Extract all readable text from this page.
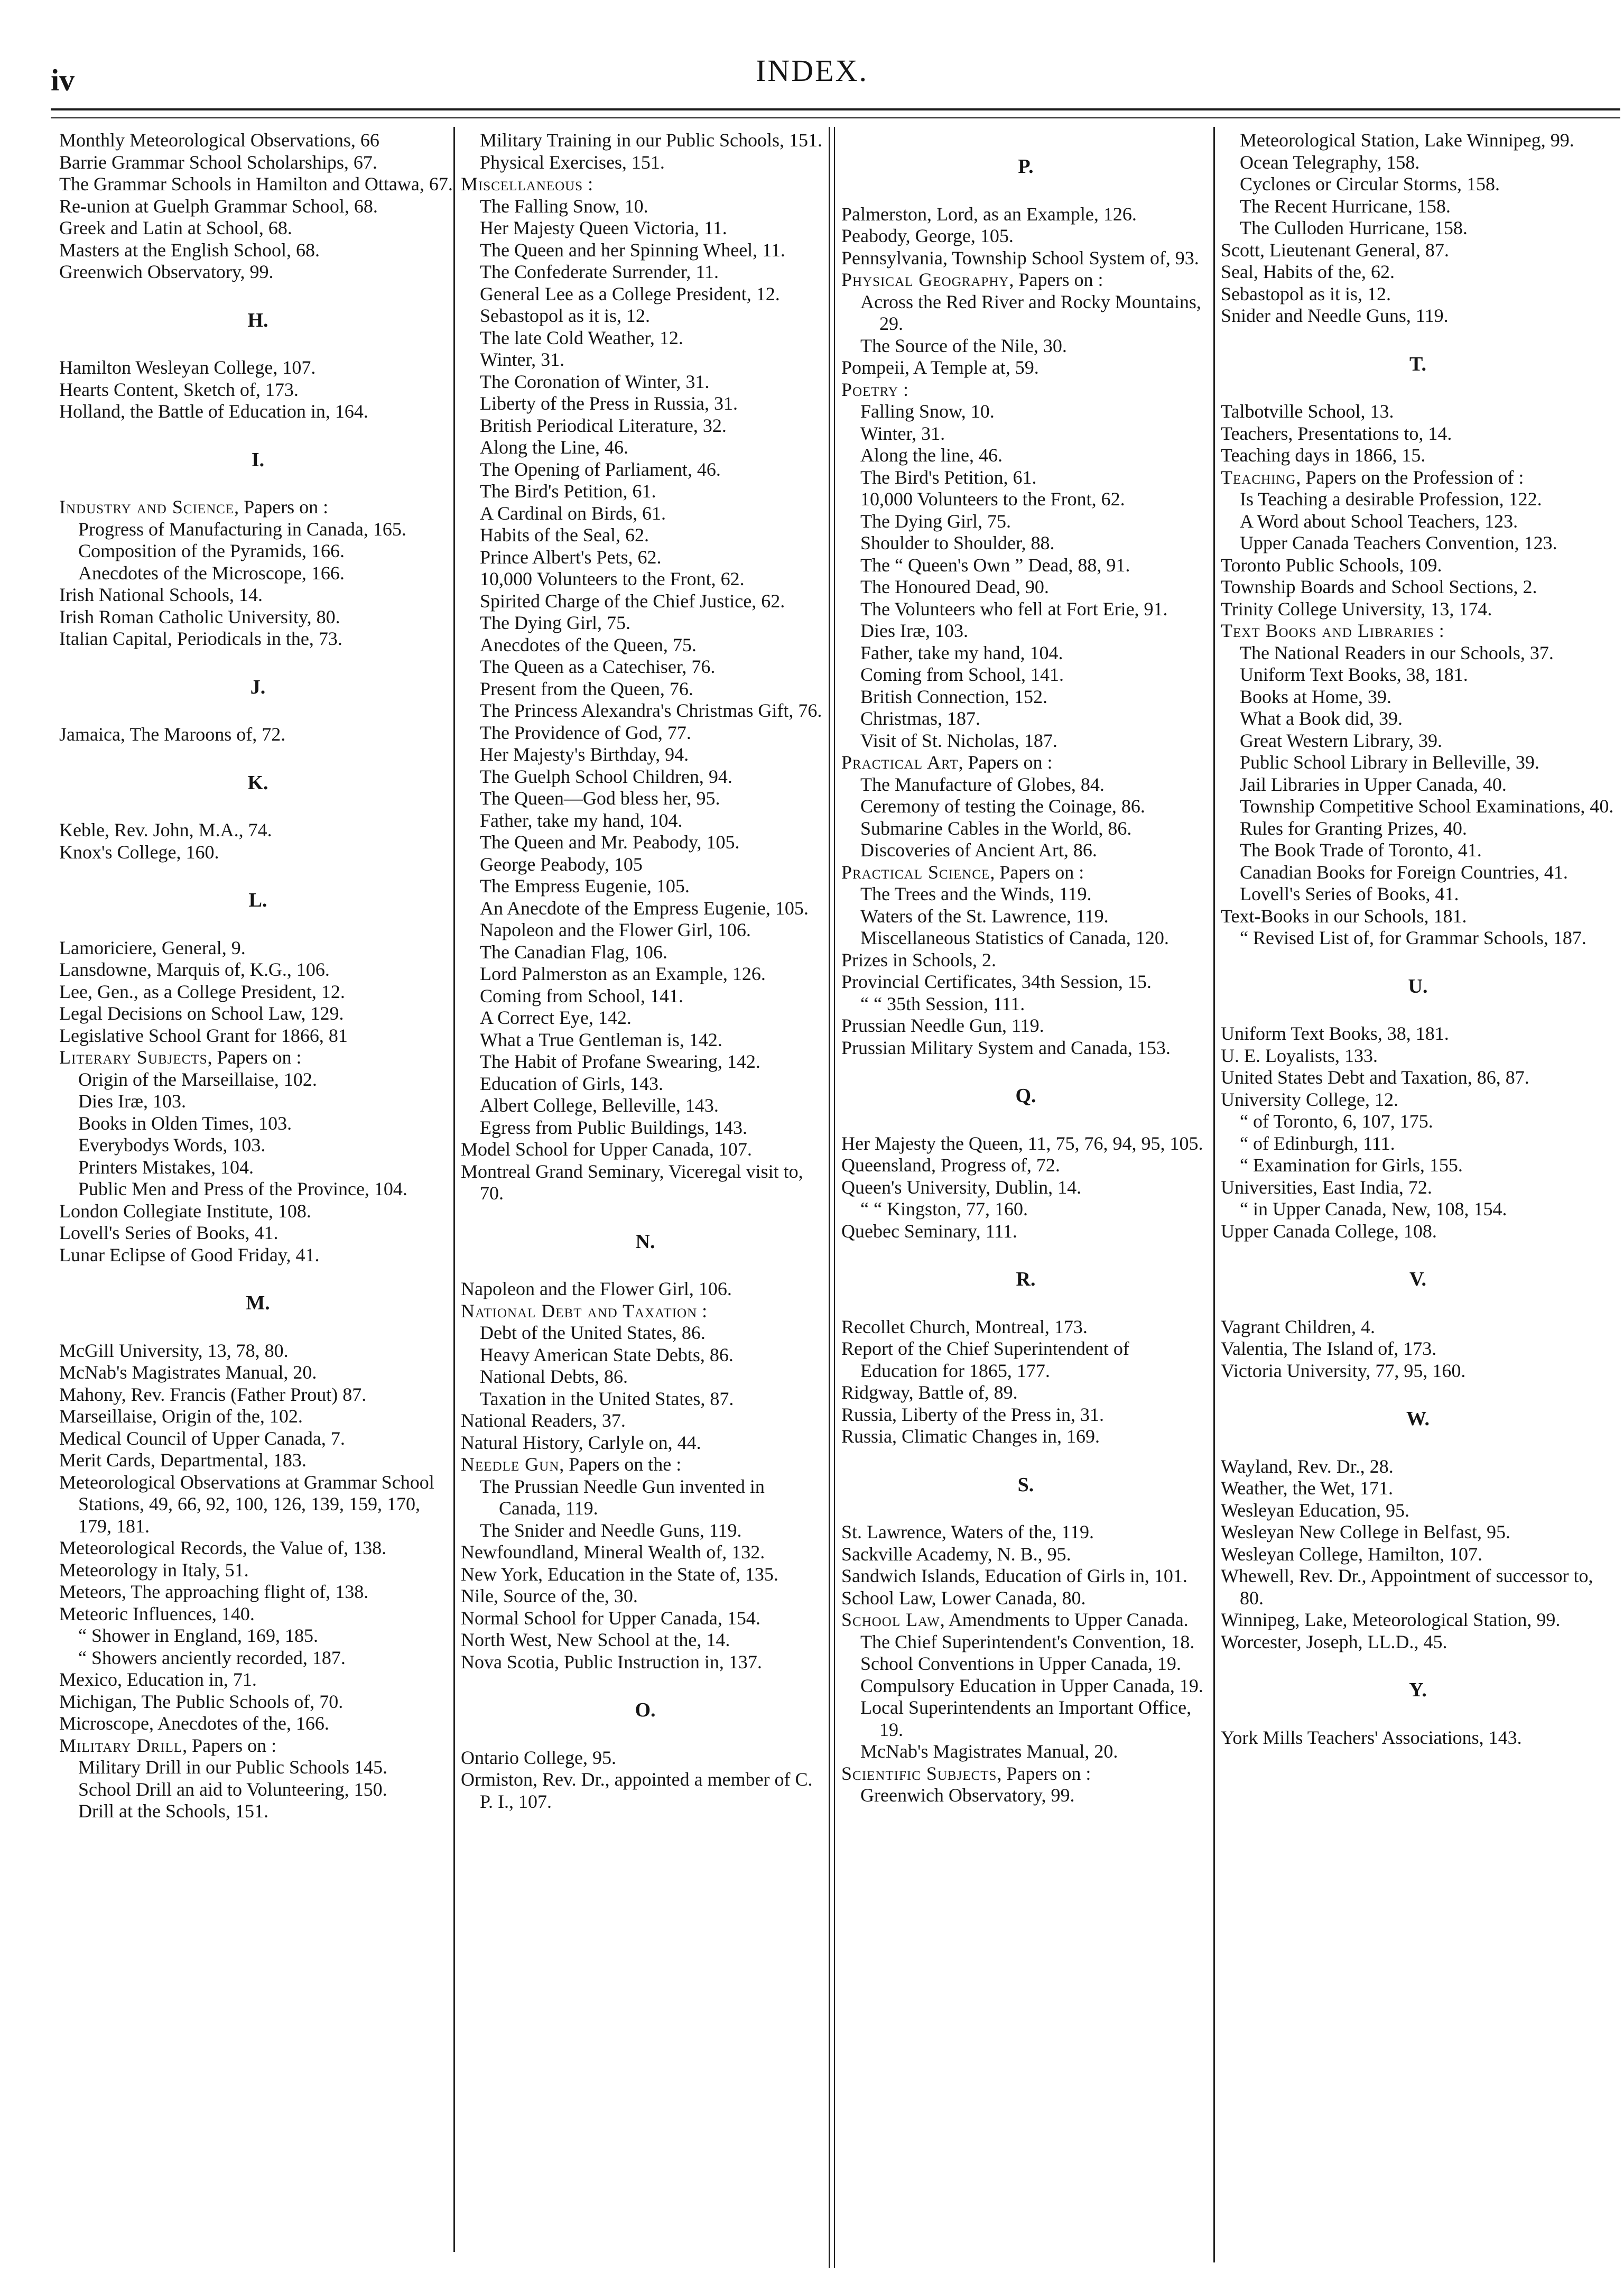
iv	INDEX.

Monthly Meteorological Observations, 66

Barrie Grammar School Scholarships, 67.

The Grammar Schools in Hamilton and Ottawa, 67.

Re-union at Guelph Grammar School, 68.

Greek and Latin at School, 68.

Masters at the English School, 68.

Greenwich Observatory, 99.

H.

Hamilton Wesleyan College, 107.

Hearts Content, Sketch of, 173.

Holland, the Battle of Education in, 164.

I.

Industry and Science, Papers on :

Progress of Manufacturing in Canada, 165.

Composition of the Pyramids, 166.

Anecdotes of the Microscope, 166.

Irish National Schools, 14.

Irish Roman Catholic University, 80.

Italian Capital, Periodicals in the, 73.

J.

Jamaica, The Maroons of, 72.

K.

Keble, Rev. John, M.A., 74.

Knox's College, 160.

L.

Lamoriciere, General, 9.

Lansdowne, Marquis of, K.G., 106.

Lee, Gen., as a College President, 12.

Legal Decisions on School Law, 129.

Legislative School Grant for 1866, 81

Literary Subjects, Papers on :

Origin of the Marseillaise, 102.

Dies Iræ, 103.

Books in Olden Times, 103.

Everybodys Words, 103.

Printers Mistakes, 104.

Public Men and Press of the Province, 104.

London Collegiate Institute, 108.

Lovell's Series of Books, 41.

Lunar Eclipse of Good Friday, 41.

M.

McGill University, 13, 78, 80.

McNab's Magistrates Manual, 20.

Mahony, Rev. Francis (Father Prout) 87.

Marseillaise, Origin of the, 102.

Medical Council of Upper Canada, 7.

Merit Cards, Departmental, 183.

Meteorological Observations at Grammar School Stations, 49, 66, 92, 100, 126, 139, 159, 170, 179, 181.

Meteorological Records, the Value of, 138.

Meteorology in Italy, 51.

Meteors, The approaching flight of, 138.

Meteoric Influences, 140.

“ Shower in England, 169, 185.

“ Showers anciently recorded, 187.

Mexico, Education in, 71.

Michigan, The Public Schools of, 70.

Microscope, Anecdotes of the, 166.

Military Drill, Papers on :

Military Drill in our Public Schools 145.

School Drill an aid to Volunteering, 150.

Drill at the Schools, 151.

Military Training in our Public Schools, 151.

Physical Exercises, 151.

Miscellaneous :

The Falling Snow, 10.

Her Majesty Queen Victoria, 11.

The Queen and her Spinning Wheel, 11.

The Confederate Surrender, 11.

General Lee as a College President, 12.

Sebastopol as it is, 12.

The late Cold Weather, 12.

Winter, 31.

The Coronation of Winter, 31.

Liberty of the Press in Russia, 31.

British Periodical Literature, 32.

Along the Line, 46.

The Opening of Parliament, 46.

The Bird's Petition, 61.

A Cardinal on Birds, 61.

Habits of the Seal, 62.

Prince Albert's Pets, 62.

10,000 Volunteers to the Front, 62.

Spirited Charge of the Chief Justice, 62.

The Dying Girl, 75.

Anecdotes of the Queen, 75.

The Queen as a Catechiser, 76.

Present from the Queen, 76.

The Princess Alexandra's Christmas Gift, 76.

The Providence of God, 77.

Her Majesty's Birthday, 94.

The Guelph School Children, 94.

The Queen—God bless her, 95.

Father, take my hand, 104.

The Queen and Mr. Peabody, 105.

George Peabody, 105

The Empress Eugenie, 105.

An Anecdote of the Empress Eugenie, 105.

Napoleon and the Flower Girl, 106.

The Canadian Flag, 106.

Lord Palmerston as an Example, 126.

Coming from School, 141.

A Correct Eye, 142.

What a True Gentleman is, 142.

The Habit of Profane Swearing, 142.

Education of Girls, 143.

Albert College, Belleville, 143.

Egress from Public Buildings, 143.

Model School for Upper Canada, 107.

Montreal Grand Seminary, Viceregal visit to, 70.

N.

Napoleon and the Flower Girl, 106.

National Debt and Taxation :

Debt of the United States, 86.

Heavy American State Debts, 86.

National Debts, 86.

Taxation in the United States, 87.

National Readers, 37.

Natural History, Carlyle on, 44.

Needle Gun, Papers on the :

The Prussian Needle Gun invented in Canada, 119.

The Snider and Needle Guns, 119.

Newfoundland, Mineral Wealth of, 132.

New York, Education in the State of, 135.

Nile, Source of the, 30.

Normal School for Upper Canada, 154.

North West, New School at the, 14.

Nova Scotia, Public Instruction in, 137.

O.

Ontario College, 95.

Ormiston, Rev. Dr., appointed a member of C. P. I., 107.

P.

Palmerston, Lord, as an Example, 126.

Peabody, George, 105.

Pennsylvania, Township School System of, 93.

Physical Geography, Papers on :

Across the Red River and Rocky Mountains, 29.

The Source of the Nile, 30.

Pompeii, A Temple at, 59.

Poetry :

Falling Snow, 10.

Winter, 31.

Along the line, 46.

The Bird's Petition, 61.

10,000 Volunteers to the Front, 62.

The Dying Girl, 75.

Shoulder to Shoulder, 88.

The “ Queen's Own ” Dead, 88, 91.

The Honoured Dead, 90.

The Volunteers who fell at Fort Erie, 91.

Dies Iræ, 103.

Father, take my hand, 104.

Coming from School, 141.

British Connection, 152.

Christmas, 187.

Visit of St. Nicholas, 187.

Practical Art, Papers on :

The Manufacture of Globes, 84.

Ceremony of testing the Coinage, 86.

Submarine Cables in the World, 86.

Discoveries of Ancient Art, 86.

Practical Science, Papers on :

The Trees and the Winds, 119.

Waters of the St. Lawrence, 119.

Miscellaneous Statistics of Canada, 120.

Prizes in Schools, 2.

Provincial Certificates, 34th Session, 15.

“ “ 35th Session, 111.

Prussian Needle Gun, 119.

Prussian Military System and Canada, 153.

Q.

Her Majesty the Queen, 11, 75, 76, 94, 95, 105.

Queensland, Progress of, 72.

Queen's University, Dublin, 14.

“ “ Kingston, 77, 160.

Quebec Seminary, 111.

R.

Recollet Church, Montreal, 173.

Report of the Chief Superintendent of Education for 1865, 177.

Ridgway, Battle of, 89.

Russia, Liberty of the Press in, 31.

Russia, Climatic Changes in, 169.

S.

St. Lawrence, Waters of the, 119.

Sackville Academy, N. B., 95.

Sandwich Islands, Education of Girls in, 101.

School Law, Lower Canada, 80.

School Law, Amendments to Upper Canada.

The Chief Superintendent's Convention, 18.

School Conventions in Upper Canada, 19.

Compulsory Education in Upper Canada, 19.

Local Superintendents an Important Office, 19.

McNab's Magistrates Manual, 20.

Scientific Subjects, Papers on :

Greenwich Observatory, 99.

Meteorological Station, Lake Winnipeg, 99.

Ocean Telegraphy, 158.

Cyclones or Circular Storms, 158.

The Recent Hurricane, 158.

The Culloden Hurricane, 158.

Scott, Lieutenant General, 87.

Seal, Habits of the, 62.

Sebastopol as it is, 12.

Snider and Needle Guns, 119.

T.

Talbotville School, 13.

Teachers, Presentations to, 14.

Teaching days in 1866, 15.

Teaching, Papers on the Profession of :

Is Teaching a desirable Profession, 122.

A Word about School Teachers, 123.

Upper Canada Teachers Convention, 123.

Toronto Public Schools, 109.

Township Boards and School Sections, 2.

Trinity College University, 13, 174.

Text Books and Libraries :

The National Readers in our Schools, 37.

Uniform Text Books, 38, 181.

Books at Home, 39.

What a Book did, 39.

Great Western Library, 39.

Public School Library in Belleville, 39.

Jail Libraries in Upper Canada, 40.

Township Competitive School Examinations, 40.

Rules for Granting Prizes, 40.

The Book Trade of Toronto, 41.

Canadian Books for Foreign Countries, 41.

Lovell's Series of Books, 41.

Text-Books in our Schools, 181.

“ Revised List of, for Grammar Schools, 187.

U.

Uniform Text Books, 38, 181.

U. E. Loyalists, 133.

United States Debt and Taxation, 86, 87.

University College, 12.

“ of Toronto, 6, 107, 175.

“ of Edinburgh, 111.

“ Examination for Girls, 155.

Universities, East India, 72.

“ in Upper Canada, New, 108, 154.

Upper Canada College, 108.

V.

Vagrant Children, 4.

Valentia, The Island of, 173.

Victoria University, 77, 95, 160.

W.

Wayland, Rev. Dr., 28.

Weather, the Wet, 171.

Wesleyan Education, 95.

Wesleyan New College in Belfast, 95.

Wesleyan College, Hamilton, 107.

Whewell, Rev. Dr., Appointment of successor to, 80.

Winnipeg, Lake, Meteorological Station, 99.

Worcester, Joseph, LL.D., 45.

Y.

York Mills Teachers' Associations, 143.
